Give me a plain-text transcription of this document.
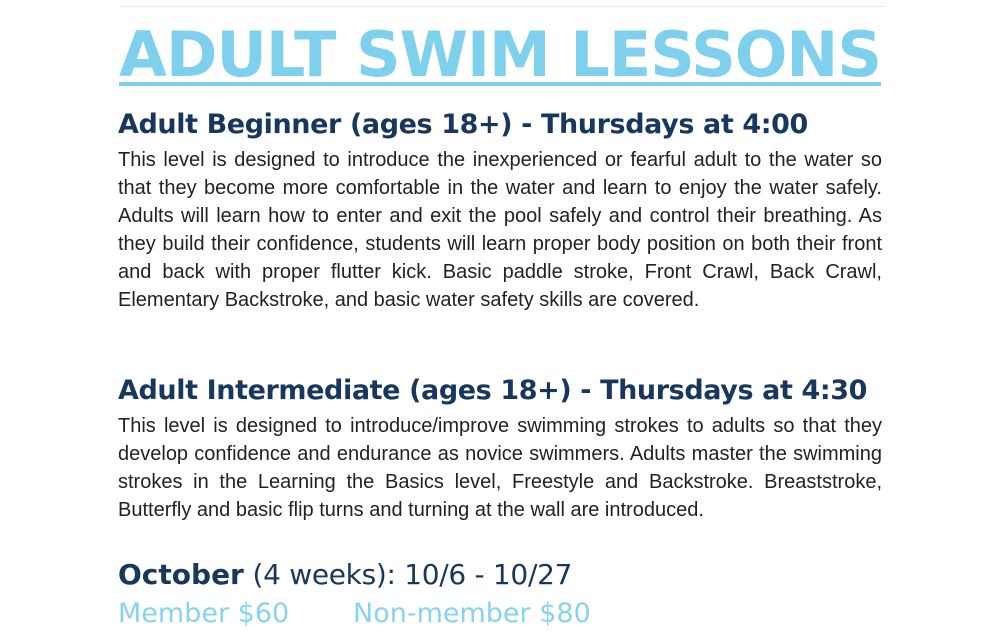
ADULT SWIM LESSONS
Adult Beginner (ages 18+) - Thursdays at 4:00

This level is designed to introduce the inexperienced or fearful adult to the water so that they become more comfortable in the water and learn to enjoy the water safely. Adults will learn how to enter and exit the pool safely and control their breathing. As they build their confidence, students will learn proper body position on both their front and back with proper flutter kick. Basic paddle stroke, Front Crawl, Back Crawl, Elementary Backstroke, and basic water safety skills are covered.

Adult Intermediate (ages 18+) - Thursdays at 4:30

This level is designed to introduce/improve swimming strokes to adults so that they develop confidence and endurance as novice swimmers. Adults master the swimming strokes in the Learning the Basics level, Freestyle and Backstroke. Breaststroke, Butterfly and basic flip turns and turning at the wall are introduced.

October (4 weeks): 10/6 - 10/27
Member $60 Non-member $80
